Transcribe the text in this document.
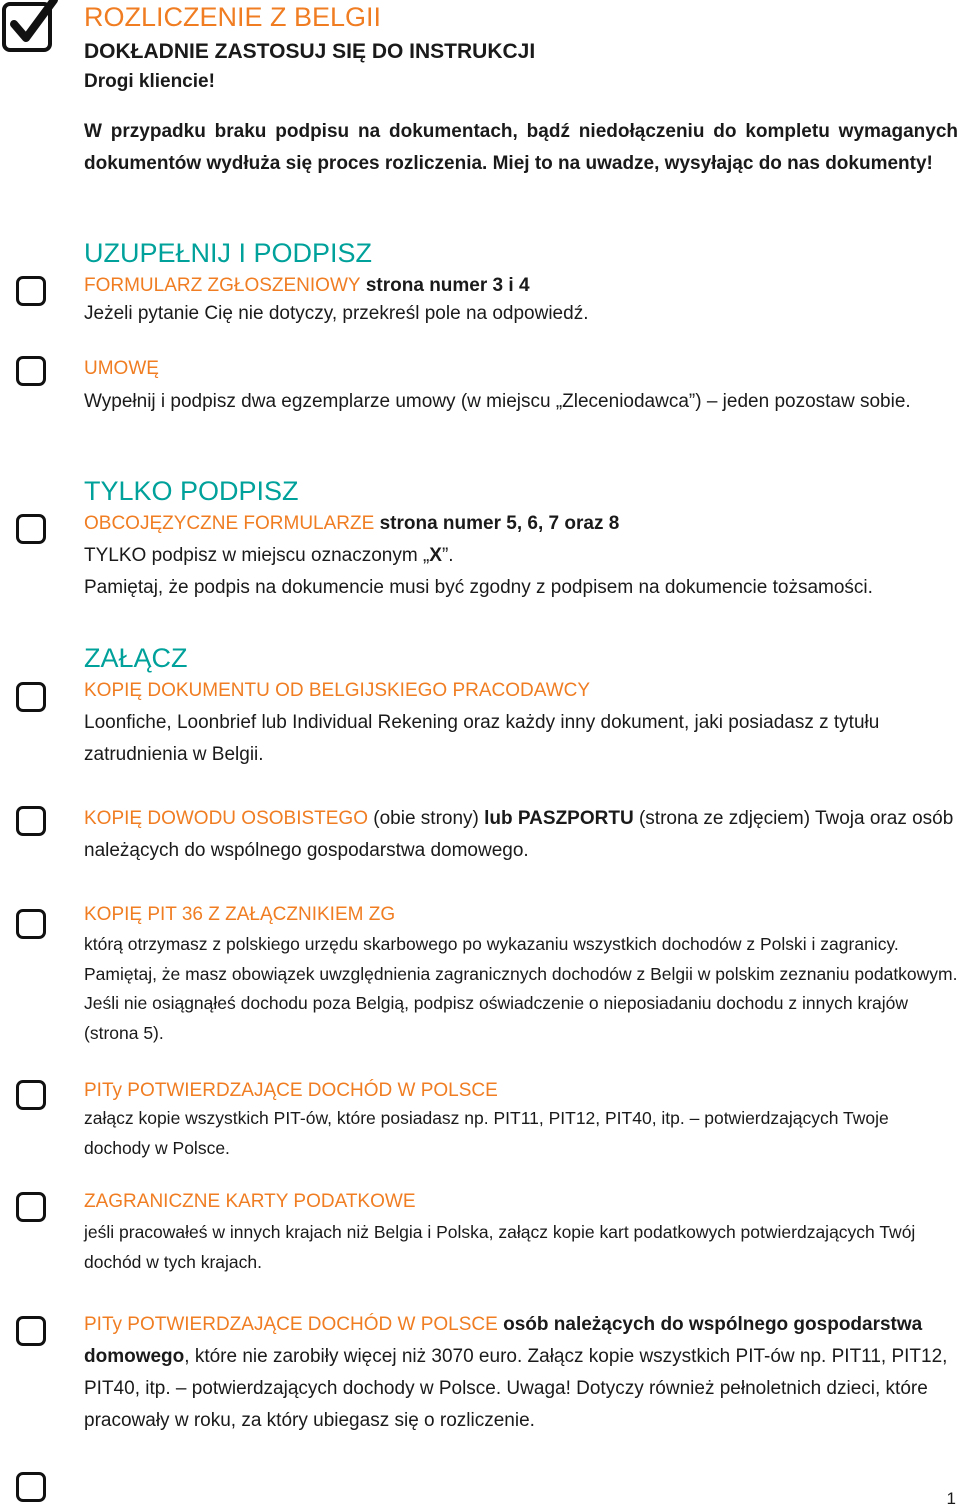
ROZLICZENIE Z BELGII
DOKŁADNIE ZASTOSUJ SIĘ DO INSTRUKCJI
Drogi kliencie!
W przypadku braku podpisu na dokumentach, bądź niedołączeniu do kompletu wymaganych dokumentów wydłuża się proces rozliczenia. Miej to na uwadze, wysyłając do nas dokumenty!
UZUPEŁNIJ I PODPISZ
FORMULARZ ZGŁOSZENIOWY strona numer 3 i 4
Jeżeli pytanie Cię nie dotyczy, przekreśl pole na odpowiedź.
UMOWĘ
Wypełnij i podpisz dwa egzemplarze umowy (w miejscu „Zleceniodawca”) – jeden pozostaw sobie.
TYLKO PODPISZ
OBCOJĘZYCZNE FORMULARZE strona numer 5, 6, 7 oraz 8
TYLKO podpisz w miejscu oznaczonym „X”.
Pamiętaj, że podpis na dokumencie musi być zgodny z podpisem na dokumencie tożsamości.
ZAŁĄCZ
KOPIĘ DOKUMENTU OD BELGIJSKIEGO PRACODAWCY
Loonfiche, Loonbrief lub Individual Rekening oraz każdy inny dokument, jaki posiadasz z tytułu zatrudnienia w Belgii.
KOPIĘ DOWODU OSOBISTEGO (obie strony) lub PASZPORTU (strona ze zdjęciem) Twoja oraz osób należących do wspólnego gospodarstwa domowego.
KOPIĘ PIT 36 Z ZAŁĄCZNIKIEM ZG
którą otrzymasz z polskiego urzędu skarbowego po wykazaniu wszystkich dochodów z Polski i zagranicy. Pamiętaj, że masz obowiązek uwzględnienia zagranicznych dochodów z Belgii w polskim zeznaniu podatkowym. Jeśli nie osiągnąłeś dochodu poza Belgią, podpisz oświadczenie o nieposiadaniu dochodu z innych krajów (strona 5).
PITy POTWIERDZAJĄCE DOCHÓD W POLSCE
załącz kopie wszystkich PIT-ów, które posiadasz np. PIT11, PIT12, PIT40, itp. – potwierdzających Twoje dochody w Polsce.
ZAGRANICZNE KARTY PODATKOWE
jeśli pracowałeś w innych krajach niż Belgia i Polska, załącz kopie kart podatkowych potwierdzających Twój dochód w tych krajach.
PITy POTWIERDZAJĄCE DOCHÓD W POLSCE osób należących do wspólnego gospodarstwa domowego, które nie zarobiły więcej niż 3070 euro. Załącz kopie wszystkich PIT-ów np. PIT11, PIT12, PIT40, itp. – potwierdzających dochody w Polsce. Uwaga! Dotyczy również pełnoletnich dzieci, które pracowały w roku, za który ubiegasz się o rozliczenie.
1
